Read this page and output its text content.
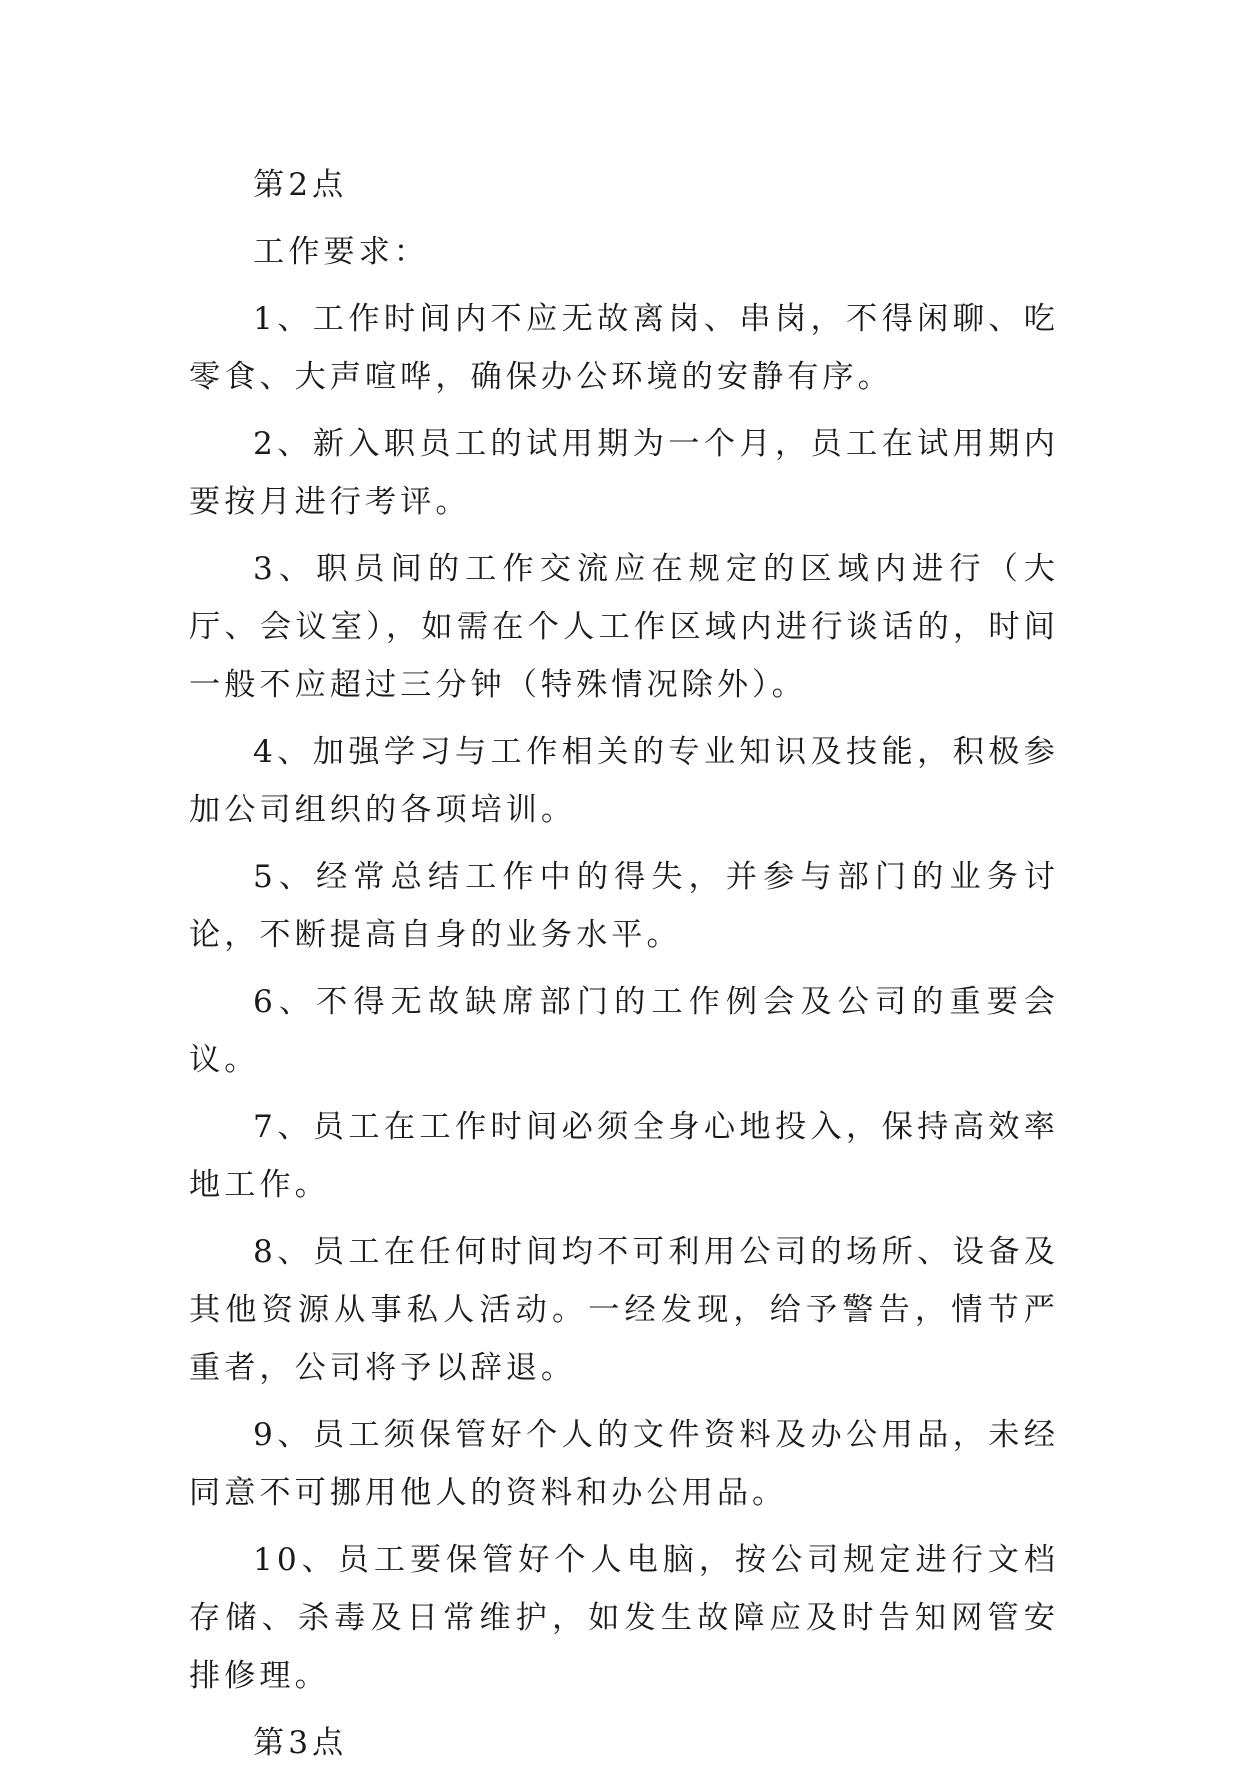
第2点

工作要求：

1、工作时间内不应无故离岗、串岗，不得闲聊、吃零食、大声喧哗，确保办公环境的安静有序。

2、新入职员工的试用期为一个月，员工在试用期内要按月进行考评。

3、职员间的工作交流应在规定的区域内进行（大厅、会议室），如需在个人工作区域内进行谈话的，时间一般不应超过三分钟（特殊情况除外）。

4、加强学习与工作相关的专业知识及技能，积极参加公司组织的各项培训。

5、经常总结工作中的得失，并参与部门的业务讨论，不断提高自身的业务水平。

6、不得无故缺席部门的工作例会及公司的重要会议。

7、员工在工作时间必须全身心地投入，保持高效率地工作。

8、员工在任何时间均不可利用公司的场所、设备及其他资源从事私人活动。一经发现，给予警告，情节严重者，公司将予以辞退。

9、员工须保管好个人的文件资料及办公用品，未经同意不可挪用他人的资料和办公用品。

10、员工要保管好个人电脑，按公司规定进行文档存储、杀毒及日常维护，如发生故障应及时告知网管安排修理。

第3点
